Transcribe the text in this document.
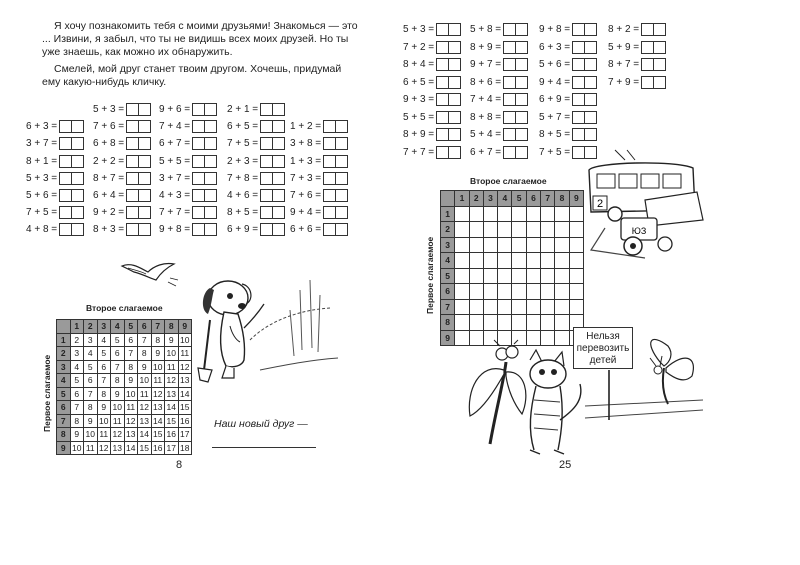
Я хочу познакомить тебя с моими друзьями! Знакомься — это ... Извини, я забыл, что ты не видишь всех моих друзей. Но ты уже знаешь, как можно их обнаружить.

Смелей, мой друг станет твоим другом. Хочешь, придумай ему какую-нибудь кличку.

5 + 3 =	9 + 6 =	2 + 1 =
6 + 3 =	7 + 6 =	7 + 4 =	6 + 5 =	1 + 2 =
3 + 7 =	6 + 8 =	6 + 7 =	7 + 5 =	3 + 8 =
8 + 1 =	2 + 2 =	5 + 5 =	2 + 3 =	1 + 3 =
5 + 3 =	8 + 7 =	3 + 7 =	7 + 8 =	7 + 3 =
5 + 6 =	6 + 4 =	4 + 3 =	4 + 6 =	7 + 6 =
7 + 5 =	9 + 2 =	7 + 7 =	8 + 5 =	9 + 4 =
4 + 8 =	8 + 3 =	9 + 8 =	6 + 9 =	6 + 6 =
Второе слагаемое
Первое слагаемое
	1	2	3	4	5	6	7	8	9
1	2	3	4	5	6	7	8	9	10
2	3	4	5	6	7	8	9	10	11
3	4	5	6	7	8	9	10	11	12
4	5	6	7	8	9	10	11	12	13
5	6	7	8	9	10	11	12	13	14
6	7	8	9	10	11	12	13	14	15
7	8	9	10	11	12	13	14	15	16
8	9	10	11	12	13	14	15	16	17
9	10	11	12	13	14	15	16	17	18
Наш новый друг —
8
5 + 3 =	5 + 8 =	9 + 8 =	8 + 2 =
7 + 2 =	8 + 9 =	6 + 3 =	5 + 9 =
8 + 4 =	9 + 7 =	5 + 6 =	8 + 7 =
6 + 5 =	8 + 6 =	9 + 4 =	7 + 9 =
9 + 3 =	7 + 4 =	6 + 9 =
5 + 5 =	8 + 8 =	5 + 7 =
8 + 9 =	5 + 4 =	8 + 5 =
7 + 7 =	6 + 7 =	7 + 5 =
Второе слагаемое
Первое слагаемое
	1	2	3	4	5	6	7	8	9
1									
2									
3									
4									
5									
6									
7									
8									
9									
25
2
ЮЗ
Нельзя перевозить детей
